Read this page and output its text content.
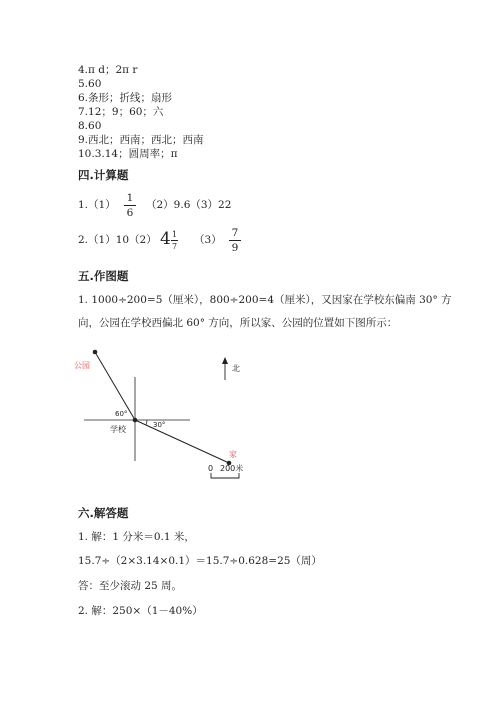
4.π d；2π r
5.60
6.条形；折线；扇形
7.12；9；60；六
8.60
9.西北；西南；西北；西南
10.3.14；圆周率；π
四.计算题
1.（1）
1
6
（2）9.6（3）22
2.（1）10（2） 4 1
7
（3）
7
9
五.作图题
1. 1000÷200=5（厘米），800÷200=4（厘米），又因家在学校东偏南 30° 方
向，公园在学校西偏北 60° 方向，所以家、公园的位置如下图所示：
公园
60°
30°
学校
家
北
0 200米
六.解答题
1. 解：1 分米＝0.1 米，
15.7÷（2×3.14×0.1）＝15.7÷0.628=25（周）
答：至少滚动 25 周。
2. 解：250×（1－40%）
